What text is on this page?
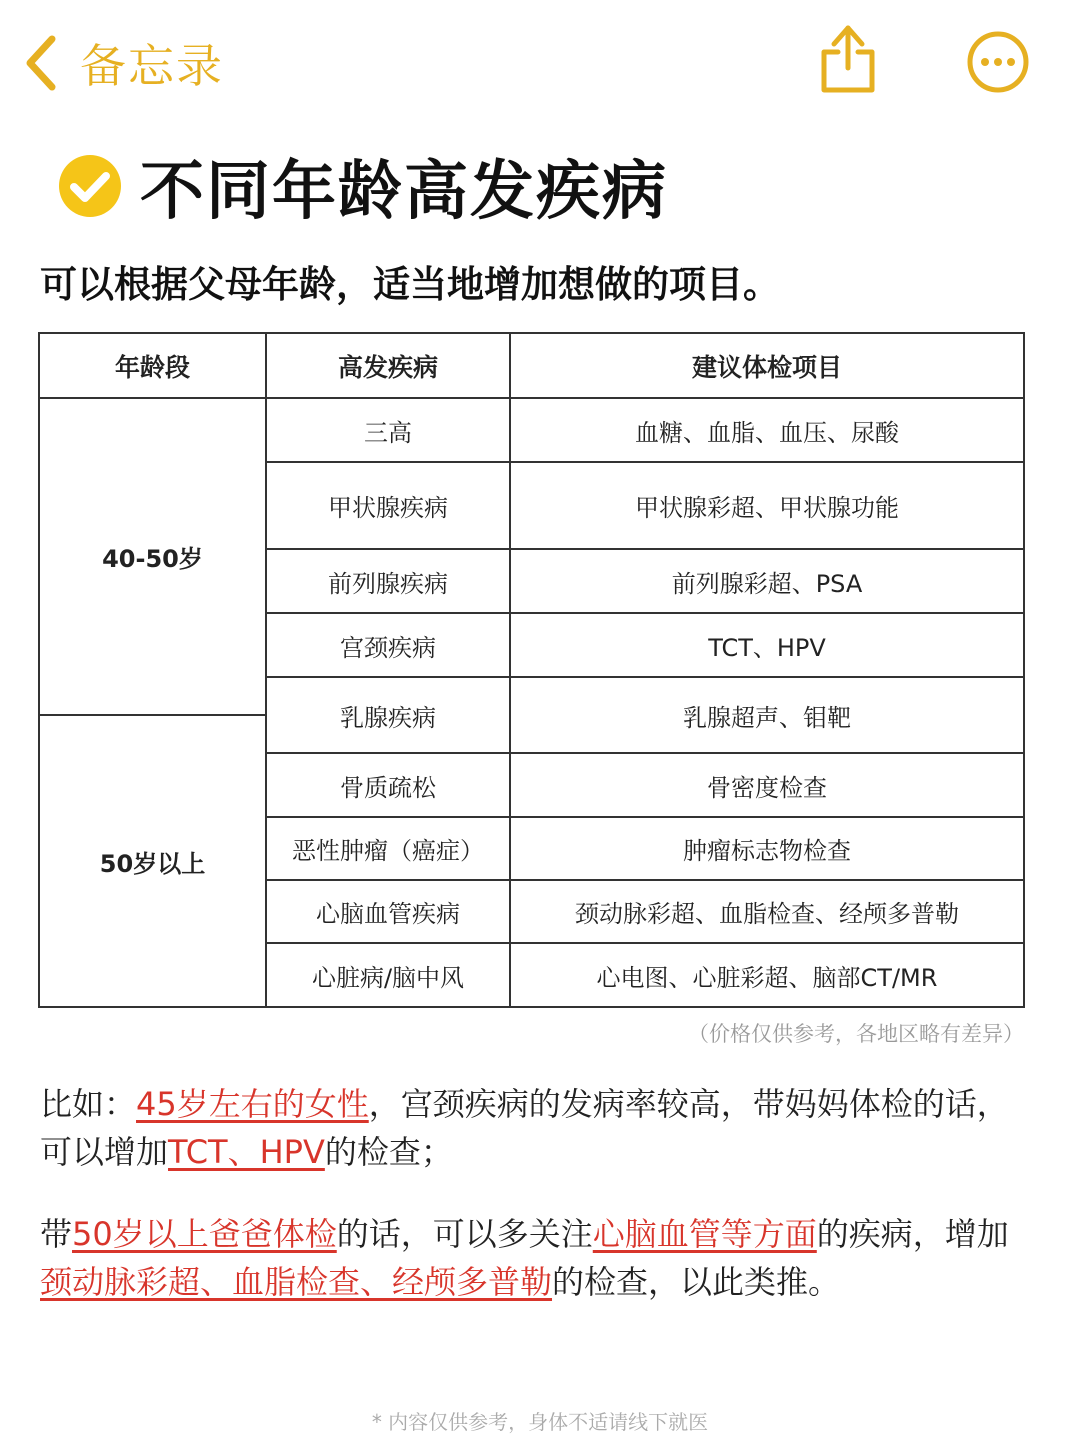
备忘录
不同年龄高发疾病
可以根据父母年龄，适当地增加想做的项目。
年龄段	高发疾病	建议体检项目
40-50岁	三高	血糖、血脂、血压、尿酸
	甲状腺疾病	甲状腺彩超、甲状腺功能
	前列腺疾病	前列腺彩超、PSA
	宫颈疾病	TCT、HPV
	乳腺疾病	乳腺超声、钼靶
50岁以上		
	骨质疏松	骨密度检查
	恶性肿瘤（癌症）	肿瘤标志物检查
	心脑血管疾病	颈动脉彩超、血脂检查、经颅多普勒
	心脏病/脑中风	心电图、心脏彩超、脑部CT/MR
（价格仅供参考，各地区略有差异）
比如：45岁左右的女性，宫颈疾病的发病率较高，带妈妈体检的话，可以增加TCT、HPV的检查；
带50岁以上爸爸体检的话，可以多关注心脑血管等方面的疾病，增加颈动脉彩超、血脂检查、经颅多普勒的检查，以此类推。
* 内容仅供参考，身体不适请线下就医
